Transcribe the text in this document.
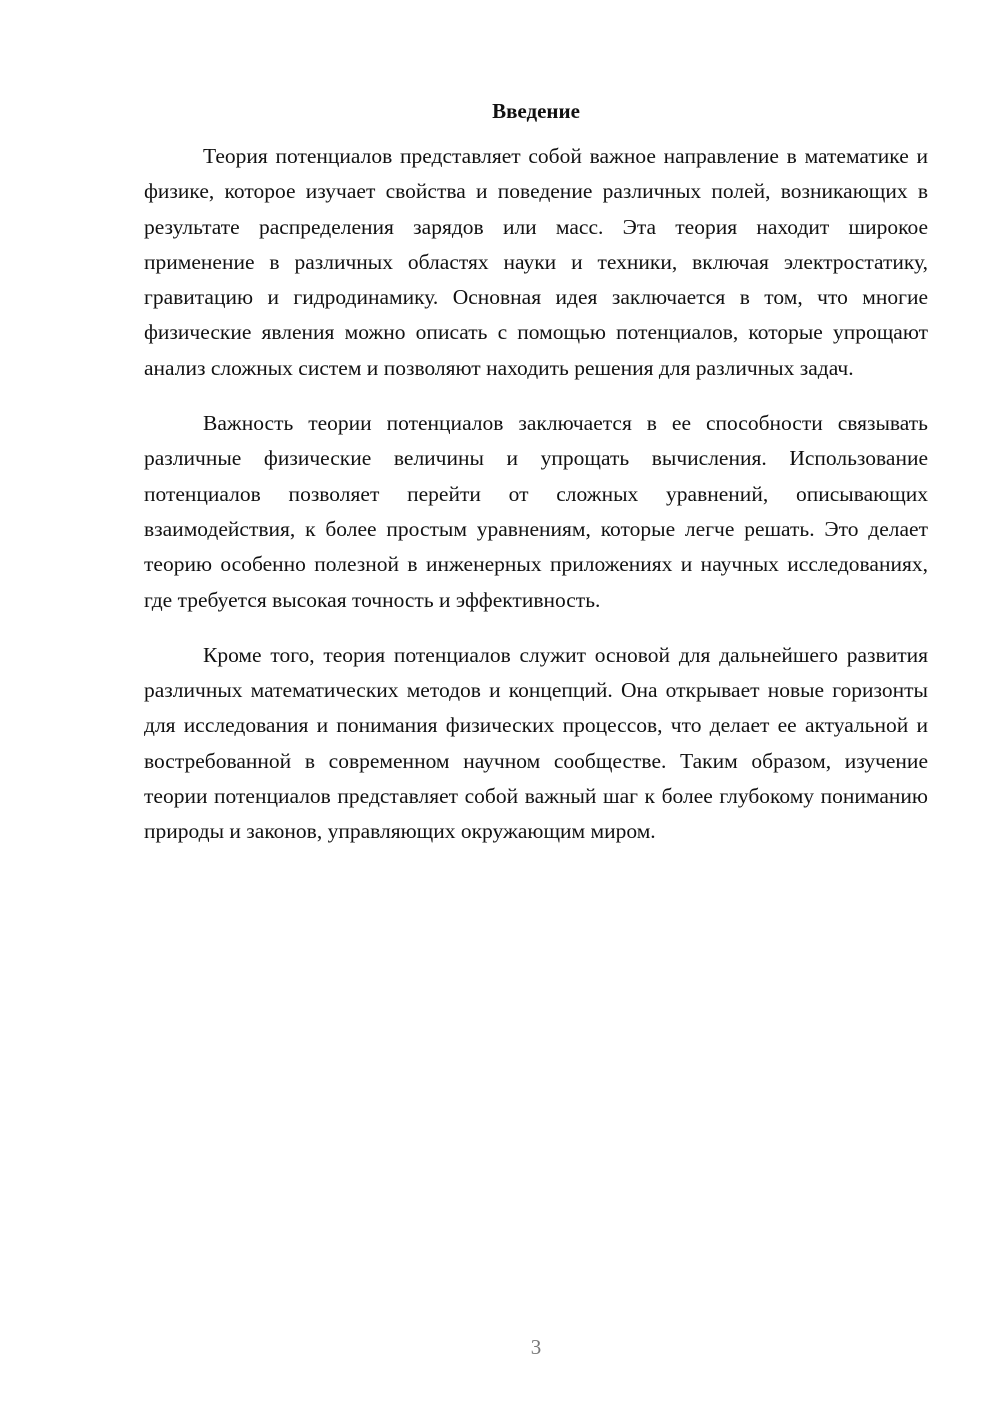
Введение

Теория потенциалов представляет собой важное направление в математике и физике, которое изучает свойства и поведение различных полей, возникающих в результате распределения зарядов или масс. Эта теория находит широкое применение в различных областях науки и техники, включая электростатику, гравитацию и гидродинамику. Основная идея заключается в том, что многие физические явления можно описать с помощью потенциалов, которые упрощают анализ сложных систем и позволяют находить решения для различных задач.

Важность теории потенциалов заключается в ее способности связывать различные физические величины и упрощать вычисления. Использование потенциалов позволяет перейти от сложных уравнений, описывающих взаимодействия, к более простым уравнениям, которые легче решать. Это делает теорию особенно полезной в инженерных приложениях и научных исследованиях, где требуется высокая точность и эффективность.

Кроме того, теория потенциалов служит основой для дальнейшего развития различных математических методов и концепций. Она открывает новые горизонты для исследования и понимания физических процессов, что делает ее актуальной и востребованной в современном научном сообществе. Таким образом, изучение теории потенциалов представляет собой важный шаг к более глубокому пониманию природы и законов, управляющих окружающим миром.

3
